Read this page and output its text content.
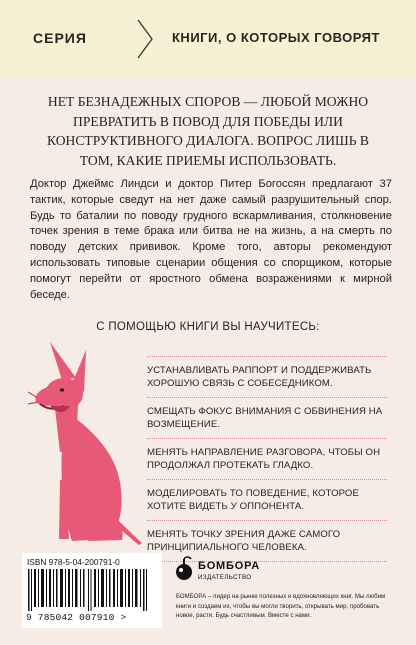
СЕРИЯ	КНИГИ, О КОТОРЫХ ГОВОРЯТ
НЕТ БЕЗНАДЕЖНЫХ СПОРОВ — ЛЮБОЙ МОЖНО ПРЕВРАТИТЬ В ПОВОД ДЛЯ ПОБЕДЫ ИЛИ КОНСТРУКТИВНОГО ДИАЛОГА. ВОПРОС ЛИШЬ В ТОМ, КАКИЕ ПРИЕМЫ ИСПОЛЬЗОВАТЬ.
Доктор Джеймс Линдси и доктор Питер Богоссян предлагают 37 тактик, которые сведут на нет даже самый разрушительный спор. Будь то баталии по поводу грудного вскармливания, столкновение точек зрения в теме брака или битва не на жизнь, а на смерть по поводу детских прививок. Кроме того, авторы рекомендуют использовать типовые сценарии общения со спорщиком, которые помогут перейти от яростного обмена возражениями к мирной беседе.
С ПОМОЩЬЮ КНИГИ ВЫ НАУЧИТЕСЬ:
УСТАНАВЛИВАТЬ РАППОРТ И ПОДДЕРЖИВАТЬ ХОРОШУЮ СВЯЗЬ С СОБЕСЕДНИКОМ.
СМЕЩАТЬ ФОКУС ВНИМАНИЯ С ОБВИНЕНИЯ НА ВОЗМЕЩЕНИЕ.
МЕНЯТЬ НАПРАВЛЕНИЕ РАЗГОВОРА, ЧТОБЫ ОН ПРОДОЛЖАЛ ПРОТЕКАТЬ ГЛАДКО.
МОДЕЛИРОВАТЬ ТО ПОВЕДЕНИЕ, КОТОРОЕ ХОТИТЕ ВИДЕТЬ У ОППОНЕНТА.
МЕНЯТЬ ТОЧКУ ЗРЕНИЯ ДАЖЕ САМОГО ПРИНЦИПИАЛЬНОГО ЧЕЛОВЕКА.
ISBN 978-5-04-200791-0
9 785042 007910 >
БОМБОРА
ИЗДАТЕЛЬСТВО
БОМБОРА – лидер на рынке полезных и вдохновляющих книг. Мы любим книги и создаем их, чтобы вы могли творить, открывать мир, пробовать новое, расти. Будь счастливым. Вместе с нами.
